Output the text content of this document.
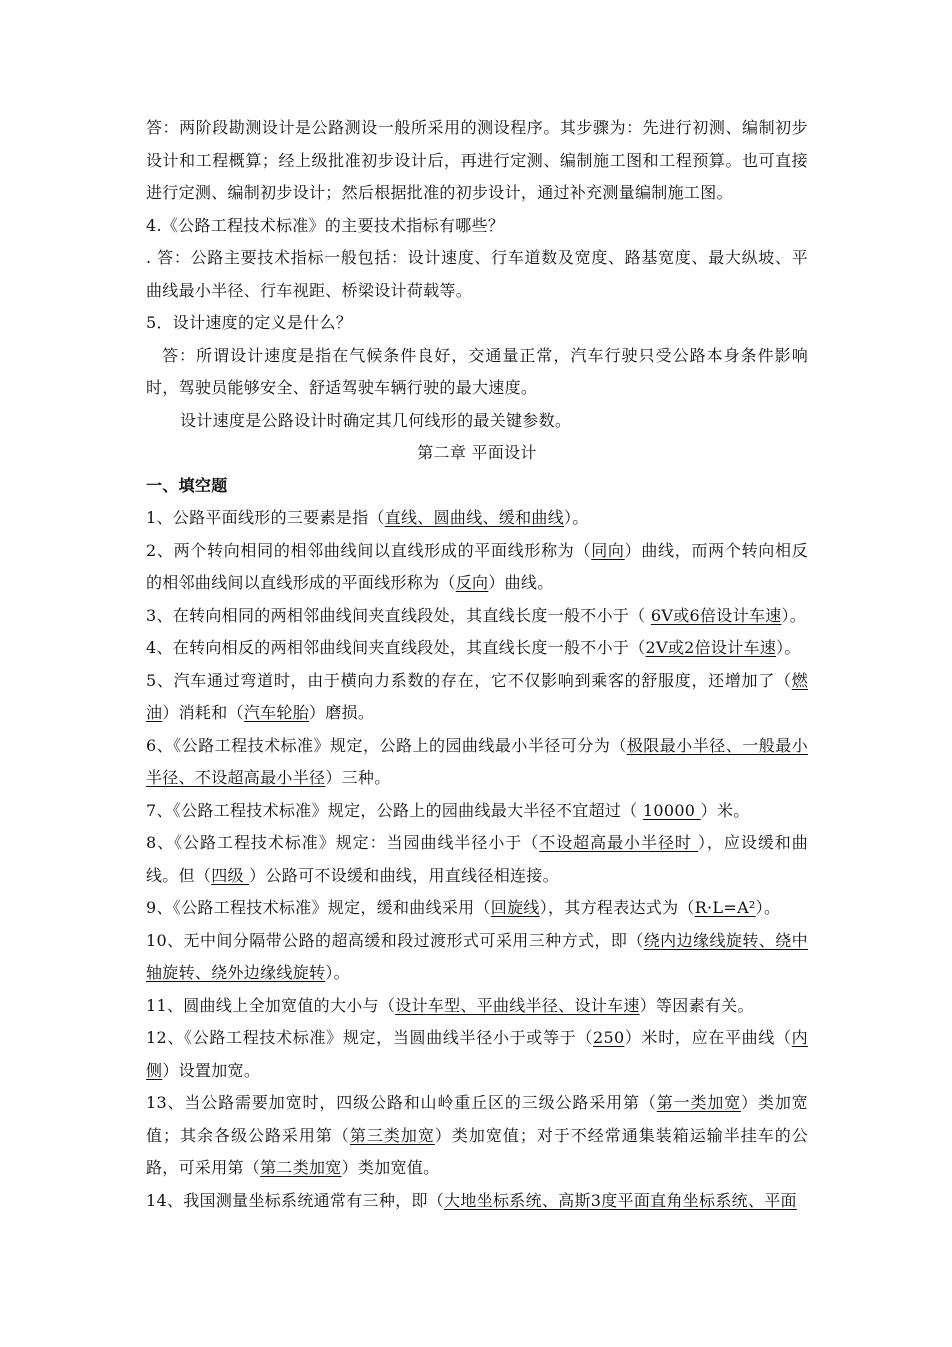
答：两阶段勘测设计是公路测设一般所采用的测设程序。其步骤为：先进行初测、编制初步设计和工程概算；经上级批准初步设计后，再进行定测、编制施工图和工程预算。也可直接进行定测、编制初步设计；然后根据批准的初步设计，通过补充测量编制施工图。

4.《公路工程技术标准》的主要技术指标有哪些？

. 答：公路主要技术指标一般包括：设计速度、行车道数及宽度、路基宽度、最大纵坡、平曲线最小半径、行车视距、桥梁设计荷载等。

5．设计速度的定义是什么？

答：所谓设计速度是指在气候条件良好，交通量正常，汽车行驶只受公路本身条件影响时，驾驶员能够安全、舒适驾驶车辆行驶的最大速度。

设计速度是公路设计时确定其几何线形的最关键参数。

第二章 平面设计

一、填空题

1、公路平面线形的三要素是指（直线、圆曲线、缓和曲线）。

2、两个转向相同的相邻曲线间以直线形成的平面线形称为（同向）曲线，而两个转向相反的相邻曲线间以直线形成的平面线形称为（反向）曲线。

3、在转向相同的两相邻曲线间夹直线段处，其直线长度一般不小于（ 6V或6倍设计车速）。

4、在转向相反的两相邻曲线间夹直线段处，其直线长度一般不小于（2V或2倍设计车速）。

5、汽车通过弯道时，由于横向力系数的存在，它不仅影响到乘客的舒服度，还增加了（燃油）消耗和（汽车轮胎）磨损。

6、《公路工程技术标准》规定，公路上的园曲线最小半径可分为（极限最小半径、一般最小半径、不设超高最小半径）三种。

7、《公路工程技术标准》规定，公路上的园曲线最大半径不宜超过（ 10000 ）米。

8、《公路工程技术标准》规定：当园曲线半径小于（不设超高最小半径时 ），应设缓和曲线。但（四级 ）公路可不设缓和曲线，用直线径相连接。

9、《公路工程技术标准》规定，缓和曲线采用（回旋线），其方程表达式为（R·L=A²）。

10、无中间分隔带公路的超高缓和段过渡形式可采用三种方式，即（绕内边缘线旋转、绕中轴旋转、绕外边缘线旋转）。

11、圆曲线上全加宽值的大小与（设计车型、平曲线半径、设计车速）等因素有关。

12、《公路工程技术标准》规定，当圆曲线半径小于或等于（250）米时，应在平曲线（内侧）设置加宽。

13、当公路需要加宽时，四级公路和山岭重丘区的三级公路采用第（第一类加宽）类加宽值；其余各级公路采用第（第三类加宽）类加宽值；对于不经常通集装箱运输半挂车的公路，可采用第（第二类加宽）类加宽值。

14、我国测量坐标系统通常有三种，即（大地坐标系统、高斯3度平面直角坐标系统、平面
